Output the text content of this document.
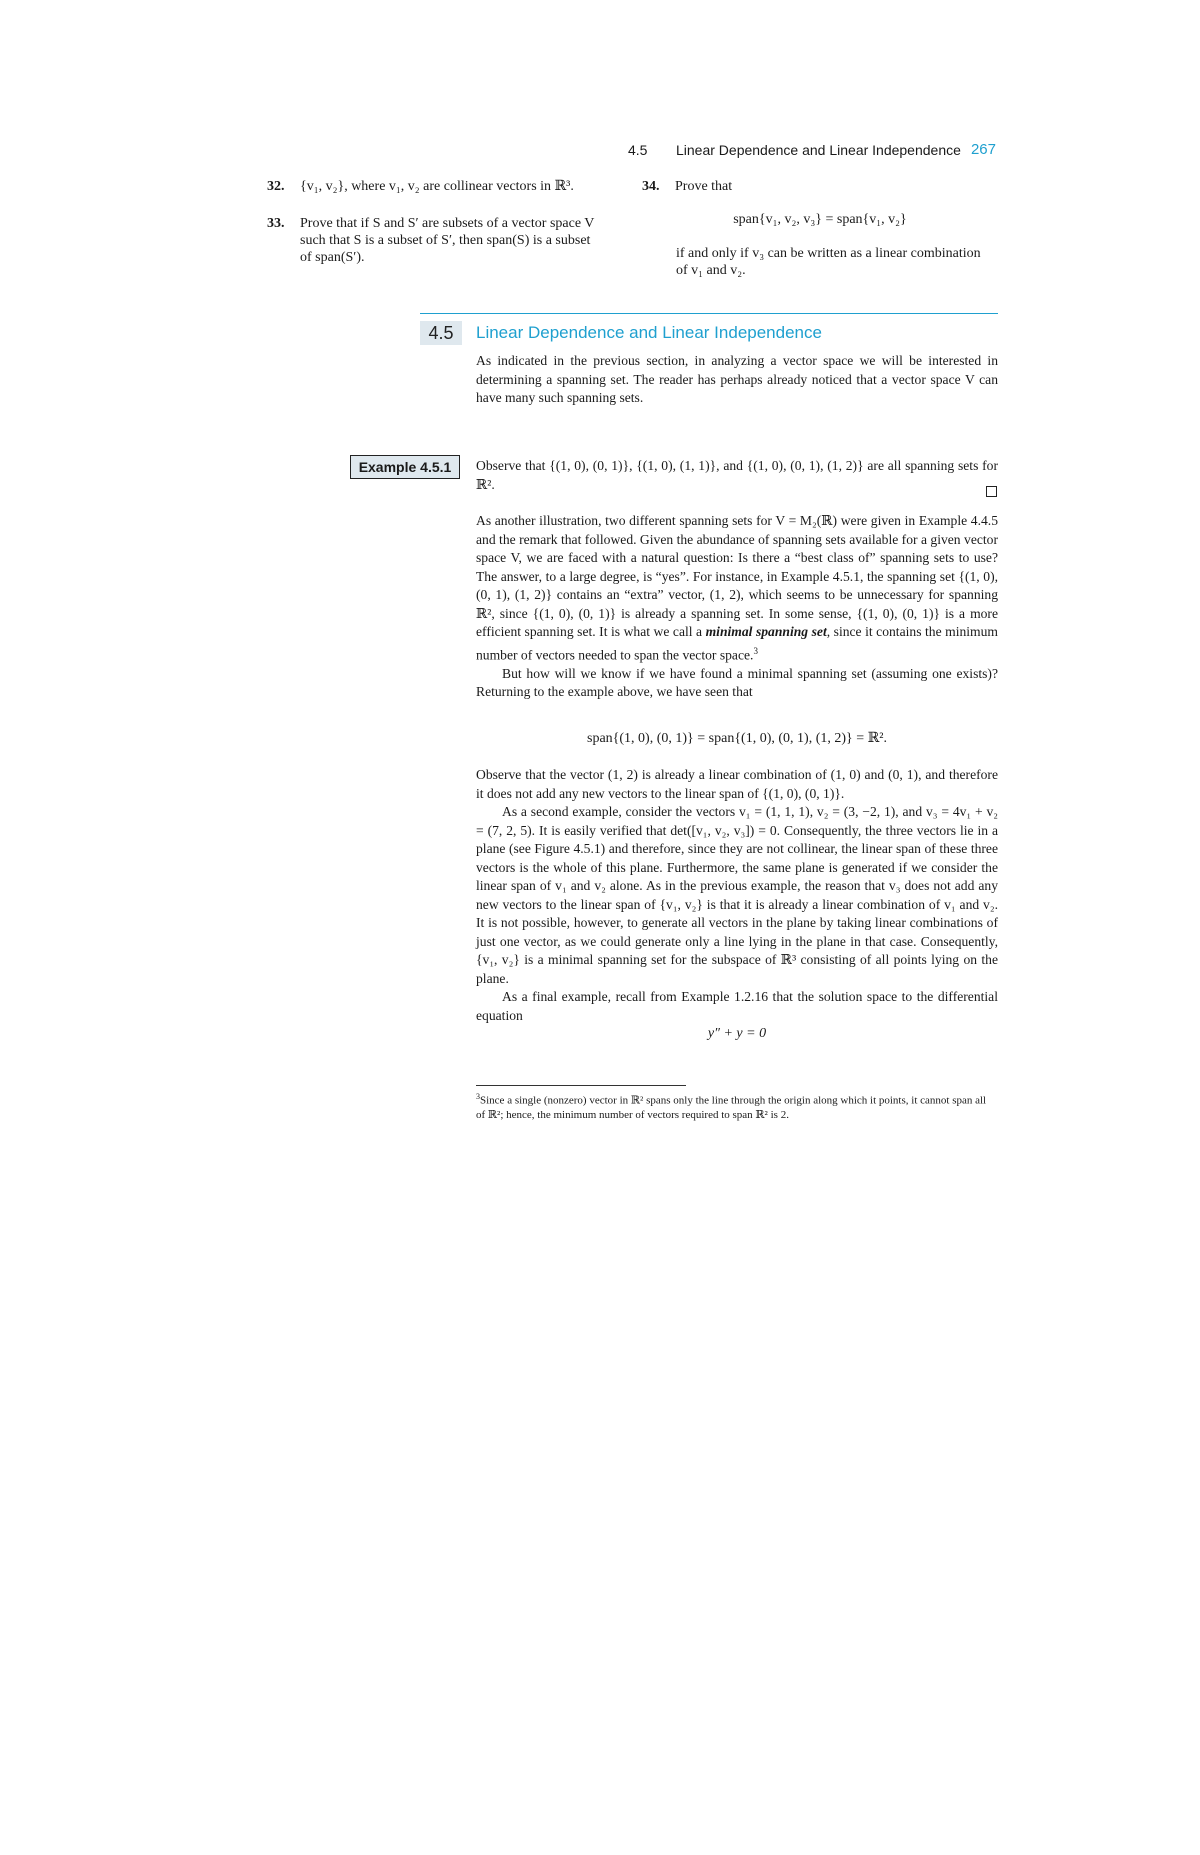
4.5 Linear Dependence and Linear Independence 267
32. {v₁, v₂}, where v₁, v₂ are collinear vectors in ℝ³.
33. Prove that if S and S′ are subsets of a vector space V
such that S is a subset of S′, then span(S) is a subset
of span(S′).
34. Prove that
span{v₁, v₂, v₃} = span{v₁, v₂}
if and only if v₃ can be written as a linear combination
of v₁ and v₂.
4.5	Linear Dependence and Linear Independence

As indicated in the previous section, in analyzing a vector space we will be interested in determining a spanning set. The reader has perhaps already noticed that a vector space V can have many such spanning sets.

Example 4.5.1	Observe that {(1, 0), (0, 1)}, {(1, 0), (1, 1)}, and {(1, 0), (0, 1), (1, 2)} are all spanning sets for ℝ².

As another illustration, two different spanning sets for V = M₂(ℝ) were given in Example 4.4.5 and the remark that followed. Given the abundance of spanning sets available for a given vector space V, we are faced with a natural question: Is there a “best class of” spanning sets to use? The answer, to a large degree, is “yes”. For instance, in Example 4.5.1, the spanning set {(1, 0), (0, 1), (1, 2)} contains an “extra” vector, (1, 2), which seems to be unnecessary for spanning ℝ², since {(1, 0), (0, 1)} is already a spanning set. In some sense, {(1, 0), (0, 1)} is a more efficient spanning set. It is what we call a minimal spanning set, since it contains the minimum number of vectors needed to span the vector space.$^3$

But how will we know if we have found a minimal spanning set (assuming one exists)? Returning to the example above, we have seen that

span{(1, 0), (0, 1)} = span{(1, 0), (0, 1), (1, 2)} = ℝ².

Observe that the vector (1, 2) is already a linear combination of (1, 0) and (0, 1), and therefore it does not add any new vectors to the linear span of {(1, 0), (0, 1)}.

As a second example, consider the vectors v₁ = (1, 1, 1), v₂ = (3, −2, 1), and v₃ = 4v₁ + v₂ = (7, 2, 5). It is easily verified that det([v₁, v₂, v₃]) = 0. Consequently, the three vectors lie in a plane (see Figure 4.5.1) and therefore, since they are not collinear, the linear span of these three vectors is the whole of this plane. Furthermore, the same plane is generated if we consider the linear span of v₁ and v₂ alone. As in the previous example, the reason that v₃ does not add any new vectors to the linear span of {v₁, v₂} is that it is already a linear combination of v₁ and v₂. It is not possible, however, to generate all vectors in the plane by taking linear combinations of just one vector, as we could generate only a line lying in the plane in that case. Consequently, {v₁, v₂} is a minimal spanning set for the subspace of ℝ³ consisting of all points lying on the plane.

As a final example, recall from Example 1.2.16 that the solution space to the differential equation

y″ + y = 0
$^3$Since a single (nonzero) vector in ℝ² spans only the line through the origin along which it points, it cannot span all of ℝ²; hence, the minimum number of vectors required to span ℝ² is 2.
